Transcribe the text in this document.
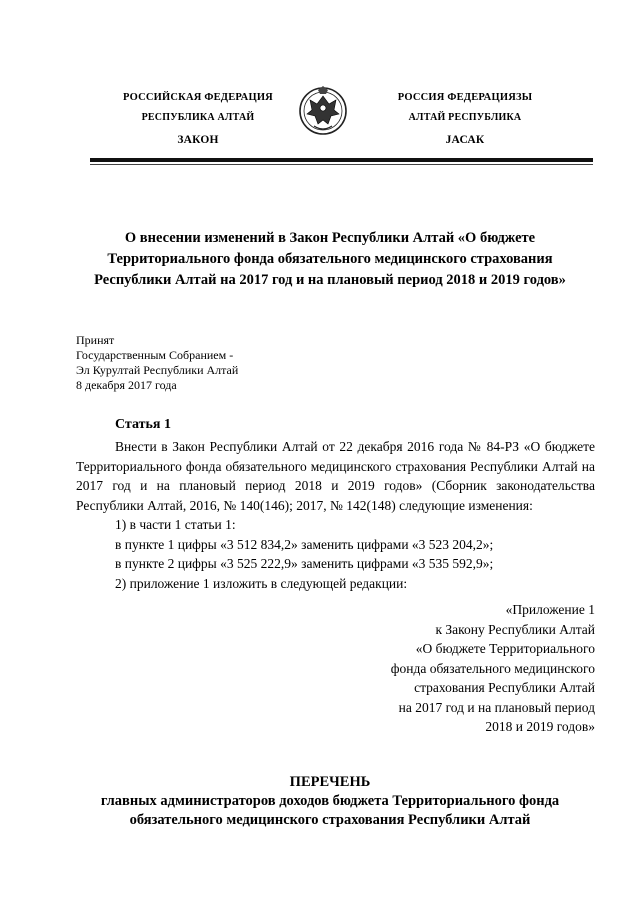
РОССИЙСКАЯ ФЕДЕРАЦИЯ
РЕСПУБЛИКА АЛТАЙ
ЗАКОН
РОССИЯ ФЕДЕРАЦИЯЗЫ
АЛТАЙ РЕСПУБЛИКА
JАСАК
О внесении изменений в Закон Республики Алтай «О бюджете
Территориального фонда обязательного медицинского страхования
Республики Алтай на 2017 год и на плановый период 2018 и 2019 годов»
Принят
Государственным Собранием -
Эл Курултай Республики Алтай
8 декабря 2017 года
Статья 1

Внести в Закон Республики Алтай от 22 декабря 2016 года № 84-РЗ «О бюджете Территориального фонда обязательного медицинского страхования Республики Алтай на 2017 год и на плановый период 2018 и 2019 годов» (Сборник законодательства Республики Алтай, 2016, № 140(146); 2017, № 142(148) следующие изменения:

1) в части 1 статьи 1:

в пункте 1 цифры «3 512 834,2» заменить цифрами «3 523 204,2»;

в пункте 2 цифры «3 525 222,9» заменить цифрами «3 535 592,9»;

2) приложение 1 изложить в следующей редакции:

«Приложение 1
к Закону Республики Алтай
«О бюджете Территориального
фонда обязательного медицинского
страхования Республики Алтай
на 2017 год и на плановый период
2018 и 2019 годов»
ПЕРЕЧЕНЬ
главных администраторов доходов бюджета Территориального фонда
обязательного медицинского страхования Республики Алтай
